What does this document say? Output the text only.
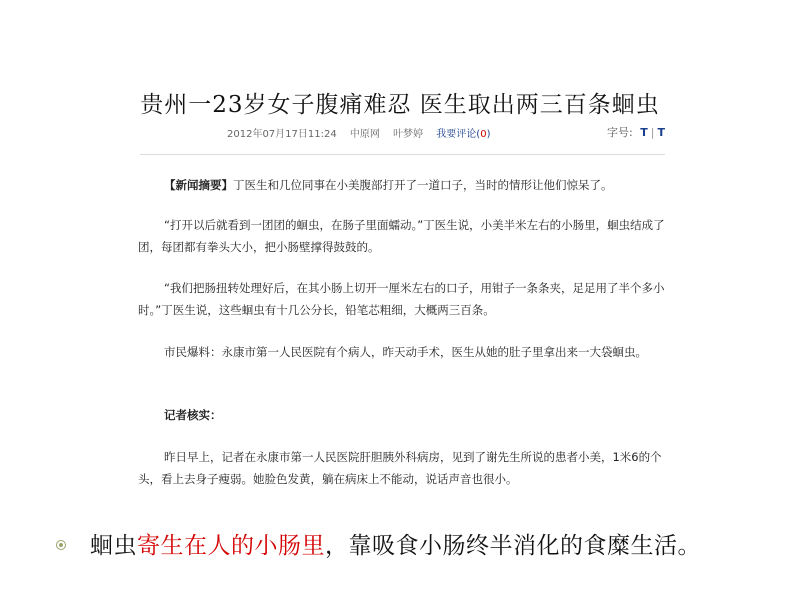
贵州一23岁女子腹痛难忍 医生取出两三百条蛔虫
2012年07月17日11:24 中原网 叶梦婷 我要评论(0)	字号: T | T
【新闻摘要】丁医生和几位同事在小美腹部打开了一道口子，当时的情形让他们惊呆了。
“打开以后就看到一团团的蛔虫，在肠子里面蠕动。”丁医生说，小美半米左右的小肠里，蛔虫结成了团，每团都有拳头大小，把小肠壁撑得鼓鼓的。
“我们把肠扭转处理好后，在其小肠上切开一厘米左右的口子，用钳子一条条夹，足足用了半个多小时。”丁医生说，这些蛔虫有十几公分长，铅笔芯粗细，大概两三百条。
市民爆料：永康市第一人民医院有个病人，昨天动手术，医生从她的肚子里拿出来一大袋蛔虫。
记者核实：
昨日早上，记者在永康市第一人民医院肝胆胰外科病房，见到了谢先生所说的患者小美，1米6的个头，看上去身子瘦弱。她脸色发黄，躺在病床上不能动，说话声音也很小。
蛔虫寄生在人的小肠里，靠吸食小肠终半消化的食糜生活。
